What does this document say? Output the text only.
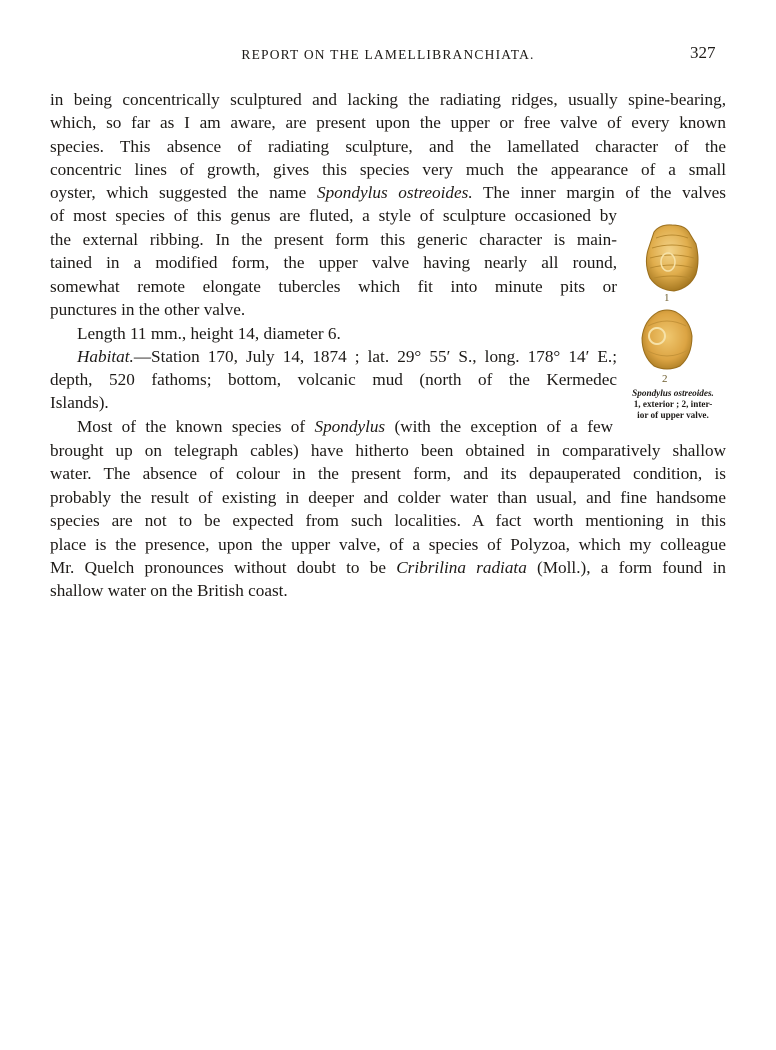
REPORT ON THE LAMELLIBRANCHIATA.	327
in being concentrically sculptured and lacking the radiating ridges, usually spine-bearing,
which, so far as I am aware, are present upon the upper or free valve of every known
species. This absence of radiating sculpture, and the lamellated character of the
concentric lines of growth, gives this species very much the appearance of a small
oyster, which suggested the name Spondylus ostreoides. The inner margin of the valves
of most species of this genus are fluted, a style of sculpture occasioned by
the external ribbing. In the present form this generic character is main-
tained in a modified form, the upper valve having nearly all round,
somewhat remote elongate tubercles which fit into minute pits or
punctures in the other valve.
Length 11 mm., height 14, diameter 6.
Habitat.—Station 170, July 14, 1874 ; lat. 29° 55′ S., long. 178° 14′ E.;
depth, 520 fathoms; bottom, volcanic mud (north of the Kermedec
Islands).
Most of the known species of Spondylus (with the exception of a few
brought up on telegraph cables) have hitherto been obtained in comparatively shallow
water. The absence of colour in the present form, and its depauperated condition, is
probably the result of existing in deeper and colder water than usual, and fine handsome
species are not to be expected from such localities. A fact worth mentioning in this
place is the presence, upon the upper valve, of a species of Polyzoa, which my colleague
Mr. Quelch pronounces without doubt to be Cribrilina radiata (Moll.), a form found in
shallow water on the British coast.
1
2
Spondylus ostreoides.
1, exterior ; 2, inter-
ior of upper valve.
